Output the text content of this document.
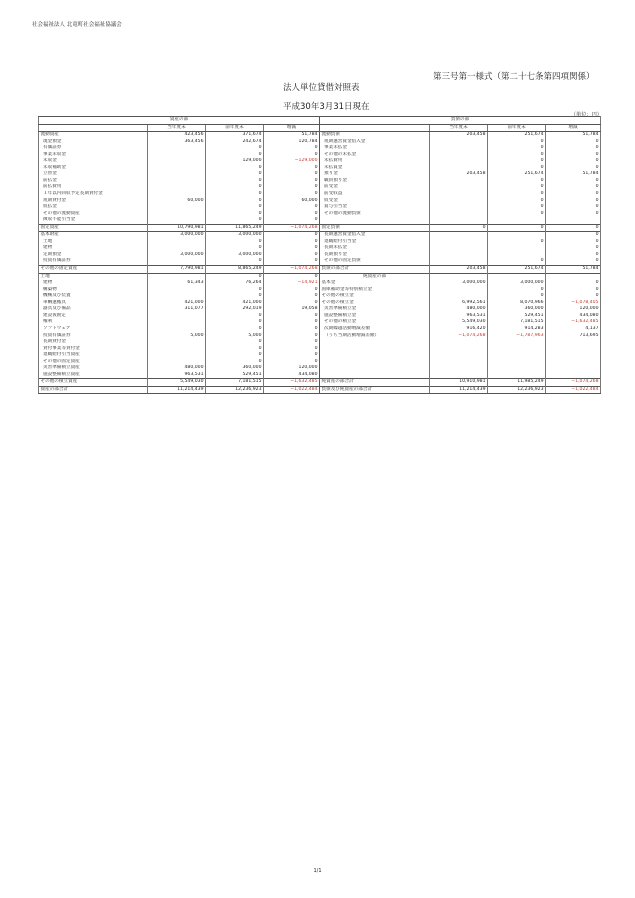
社会福祉法人 北竜町社会福祉協議会
第三号第一様式（第二十七条第四項関係）
法人単位貸借対照表
平成30年3月31日現在
（単位：円）
資産の部				負債の部			
	当年度末	前年度末	増減		当年度末	前年度末	増減
流動資産	423,456	371,674	51,784	流動負債	203,458	251,674	51,784
現金預金	363,456	242,674	120,784	短期運営資金借入金		0	0
有価証券		0	0	事業未払金		0	0
事業未収金		0	0	その他の未払金		0	0
未収金		129,000	−129,000	未払費用		0	0
未収補助金		0	0	未払賞金		0	0
立替金		0	0	預り金	203,458	251,674	51,784
前払金		0	0	職員預り金		0	0
前払費用		0	0	前受金		0	0
１年以内回収予定長期貸付金		0	0	前受収益		0	0
短期貸付金	60,000	0	60,000	仮受金		0	0
仮払金		0	0	賞与引当金		0	0
その他の流動資産		0	0	その他の流動負債		0	0
徴収不能引当金		0	0				
固定資産	10,790,981	11,865,249	−1,074,268	固定負債	0	0	0
基本財産	3,000,000	3,000,000	0	長期運営資金借入金			0
土地		0	0	退職給付引当金		0	0
建物		0	0	長期未払金			0
定期預金	3,000,000	3,000,000	0	長期預り金			0
投資有価証券		0	0	その他の固定負債		0	0
その他の固定資産	7,790,981	8,865,249	−1,074,268	負債の部合計	203,458	251,674	51,784
土地		0	0	純資産の部			
建物	61,343	76,264	−14,921	基本金	3,000,000	3,000,000	0
構築物		0	0	国庫補助金等特別積立金		0	0
機械及び装置		0	0	その他の積立金		0	0
車輌運搬具	421,000	421,000	0	その他の積立金	6,992,561	8,070,966	−1,078,405
器具及び備品	311,077	292,019	19,058	災害準備積立金	480,000	360,000	120,000
建設仮勘定		0	0	施設整備積立金	963,531	529,451	434,080
権利		0	0	その他の積立金	5,549,030	7,181,515	−1,632,485
ソフトウェア		0	0	次期繰越活動増減差額	916,420	914,283	4,137
投資有価証券	5,000	5,000	0	（うち当期活動増減差額）	−1,074,268	−1,787,963	713,695
長期貸付金		0	0				
貸付事業等貸付金		0	0				
退職給付引当資産		0	0				
その他の固定資産		0	0				
災害準備積立資産	480,000	360,000	120,000				
施設整備積立資産	963,531	529,451	434,080				
その他の積立資産	5,549,030	7,181,515	−1,632,485	純資産の部合計	10,910,981	11,985,249	−1,074,268
資産の部合計	11,214,439	12,236,923	−1,022,484	負債及び純資産の部合計	11,214,439	12,236,923	−1,022,484
1/1
